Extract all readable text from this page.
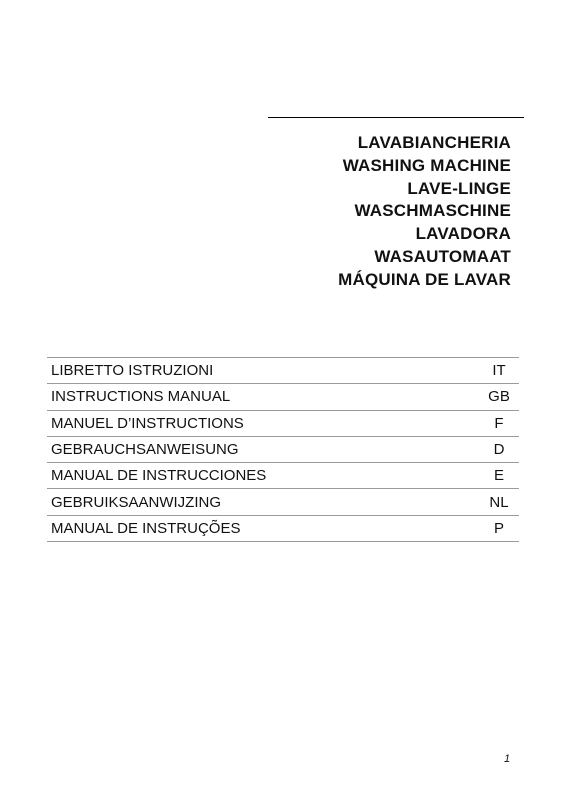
LAVABIANCHERIA
WASHING MACHINE
LAVE-LINGE
WASCHMASCHINE
LAVADORA
WASAUTOMAAT
MÁQUINA DE LAVAR
LIBRETTO ISTRUZIONI	IT
INSTRUCTIONS MANUAL	GB
MANUEL D’INSTRUCTIONS	F
GEBRAUCHSANWEISUNG	D
MANUAL DE INSTRUCCIONES	E
GEBRUIKSAANWIJZING	NL
MANUAL DE INSTRUÇÕES	P
1
